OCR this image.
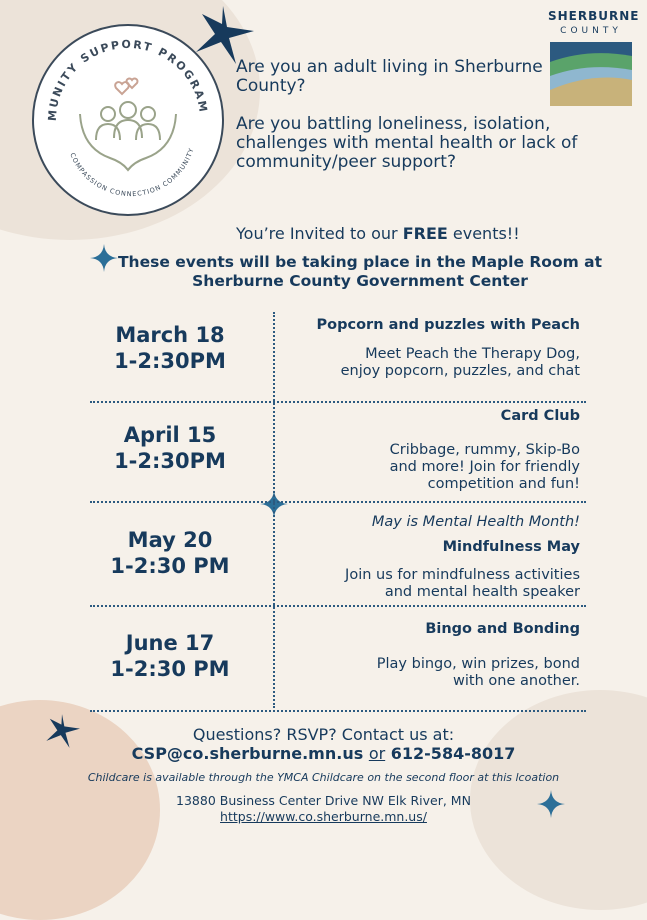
MUNITY SUPPORT PROGRAM
COMPASSION CONNECTION COMMUNITY
SHERBURNE
COUNTY

Are you an adult living in Sherburne County?

Are you battling loneliness, isolation, challenges with mental health or lack of community/peer support?

You’re Invited to our FREE events!!
These events will be taking place in the Maple Room at Sherburne County Government Center
March 18
1-2:30PM
Popcorn and puzzles with Peach
Meet Peach the Therapy Dog,
enjoy popcorn, puzzles, and chat
April 15
1-2:30PM
Card Club
Cribbage, rummy, Skip-Bo
and more! Join for friendly
competition and fun!
May 20
1-2:30 PM
May is Mental Health Month!
Mindfulness May
Join us for mindfulness activities
and mental health speaker
June 17
1-2:30 PM
Bingo and Bonding
Play bingo, win prizes, bond
with one another.
Questions? RSVP? Contact us at:
CSP@co.sherburne.mn.us or 612-584-8017
Childcare is available through the YMCA Childcare on the second floor at this lcoation
13880 Business Center Drive NW Elk River, MN
https://www.co.sherburne.mn.us/
